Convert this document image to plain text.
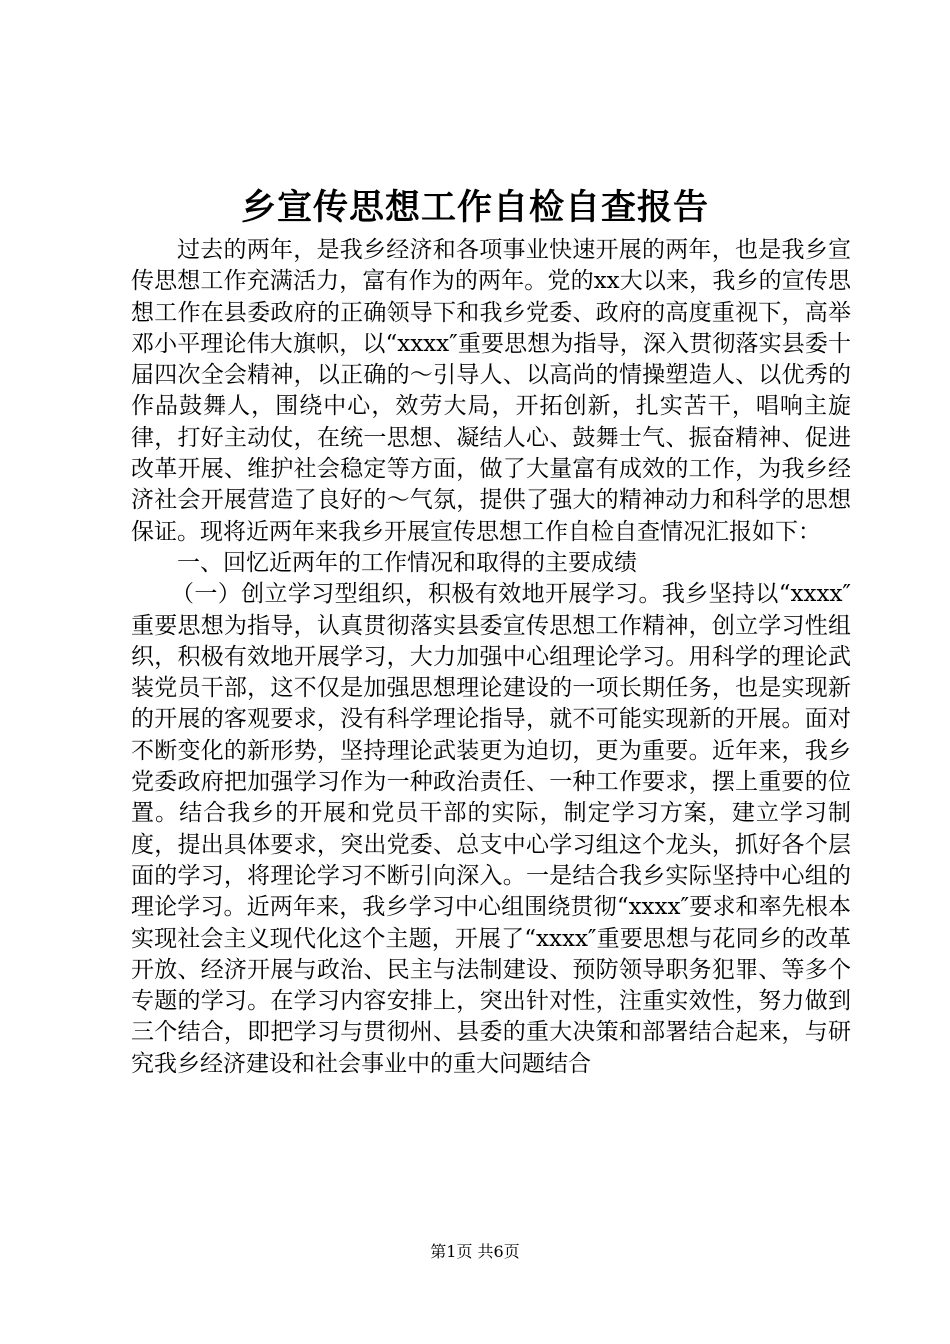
乡宣传思想工作自检自查报告

过去的两年，是我乡经济和各项事业快速开展的两年，也是我乡宣传思想工作充满活力，富有作为的两年。党的xx大以来，我乡的宣传思想工作在县委政府的正确领导下和我乡党委、政府的高度重视下，高举邓小平理论伟大旗帜，以“xxxx″重要思想为指导，深入贯彻落实县委十届四次全会精神，以正确的～引导人、以高尚的情操塑造人、以优秀的作品鼓舞人，围绕中心，效劳大局，开拓创新，扎实苦干，唱响主旋律，打好主动仗，在统一思想、凝结人心、鼓舞士气、振奋精神、促进改革开展、维护社会稳定等方面，做了大量富有成效的工作，为我乡经济社会开展营造了良好的～气氛，提供了强大的精神动力和科学的思想保证。现将近两年来我乡开展宣传思想工作自检自查情况汇报如下：

一、回忆近两年的工作情况和取得的主要成绩

（一）创立学习型组织，积极有效地开展学习。我乡坚持以“xxxx″重要思想为指导，认真贯彻落实县委宣传思想工作精神，创立学习性组织，积极有效地开展学习，大力加强中心组理论学习。用科学的理论武装党员干部，这不仅是加强思想理论建设的一项长期任务，也是实现新的开展的客观要求，没有科学理论指导，就不可能实现新的开展。面对不断变化的新形势，坚持理论武装更为迫切，更为重要。近年来，我乡党委政府把加强学习作为一种政治责任、一种工作要求，摆上重要的位置。结合我乡的开展和党员干部的实际，制定学习方案，建立学习制度，提出具体要求，突出党委、总支中心学习组这个龙头，抓好各个层面的学习，将理论学习不断引向深入。一是结合我乡实际坚持中心组的理论学习。近两年来，我乡学习中心组围绕贯彻“xxxx″要求和率先根本实现社会主义现代化这个主题，开展了“xxxx″重要思想与花同乡的改革开放、经济开展与政治、民主与法制建设、预防领导职务犯罪、等多个专题的学习。在学习内容安排上，突出针对性，注重实效性，努力做到三个结合，即把学习与贯彻州、县委的重大决策和部署结合起来，与研究我乡经济建设和社会事业中的重大问题结合

第1页 共6页
